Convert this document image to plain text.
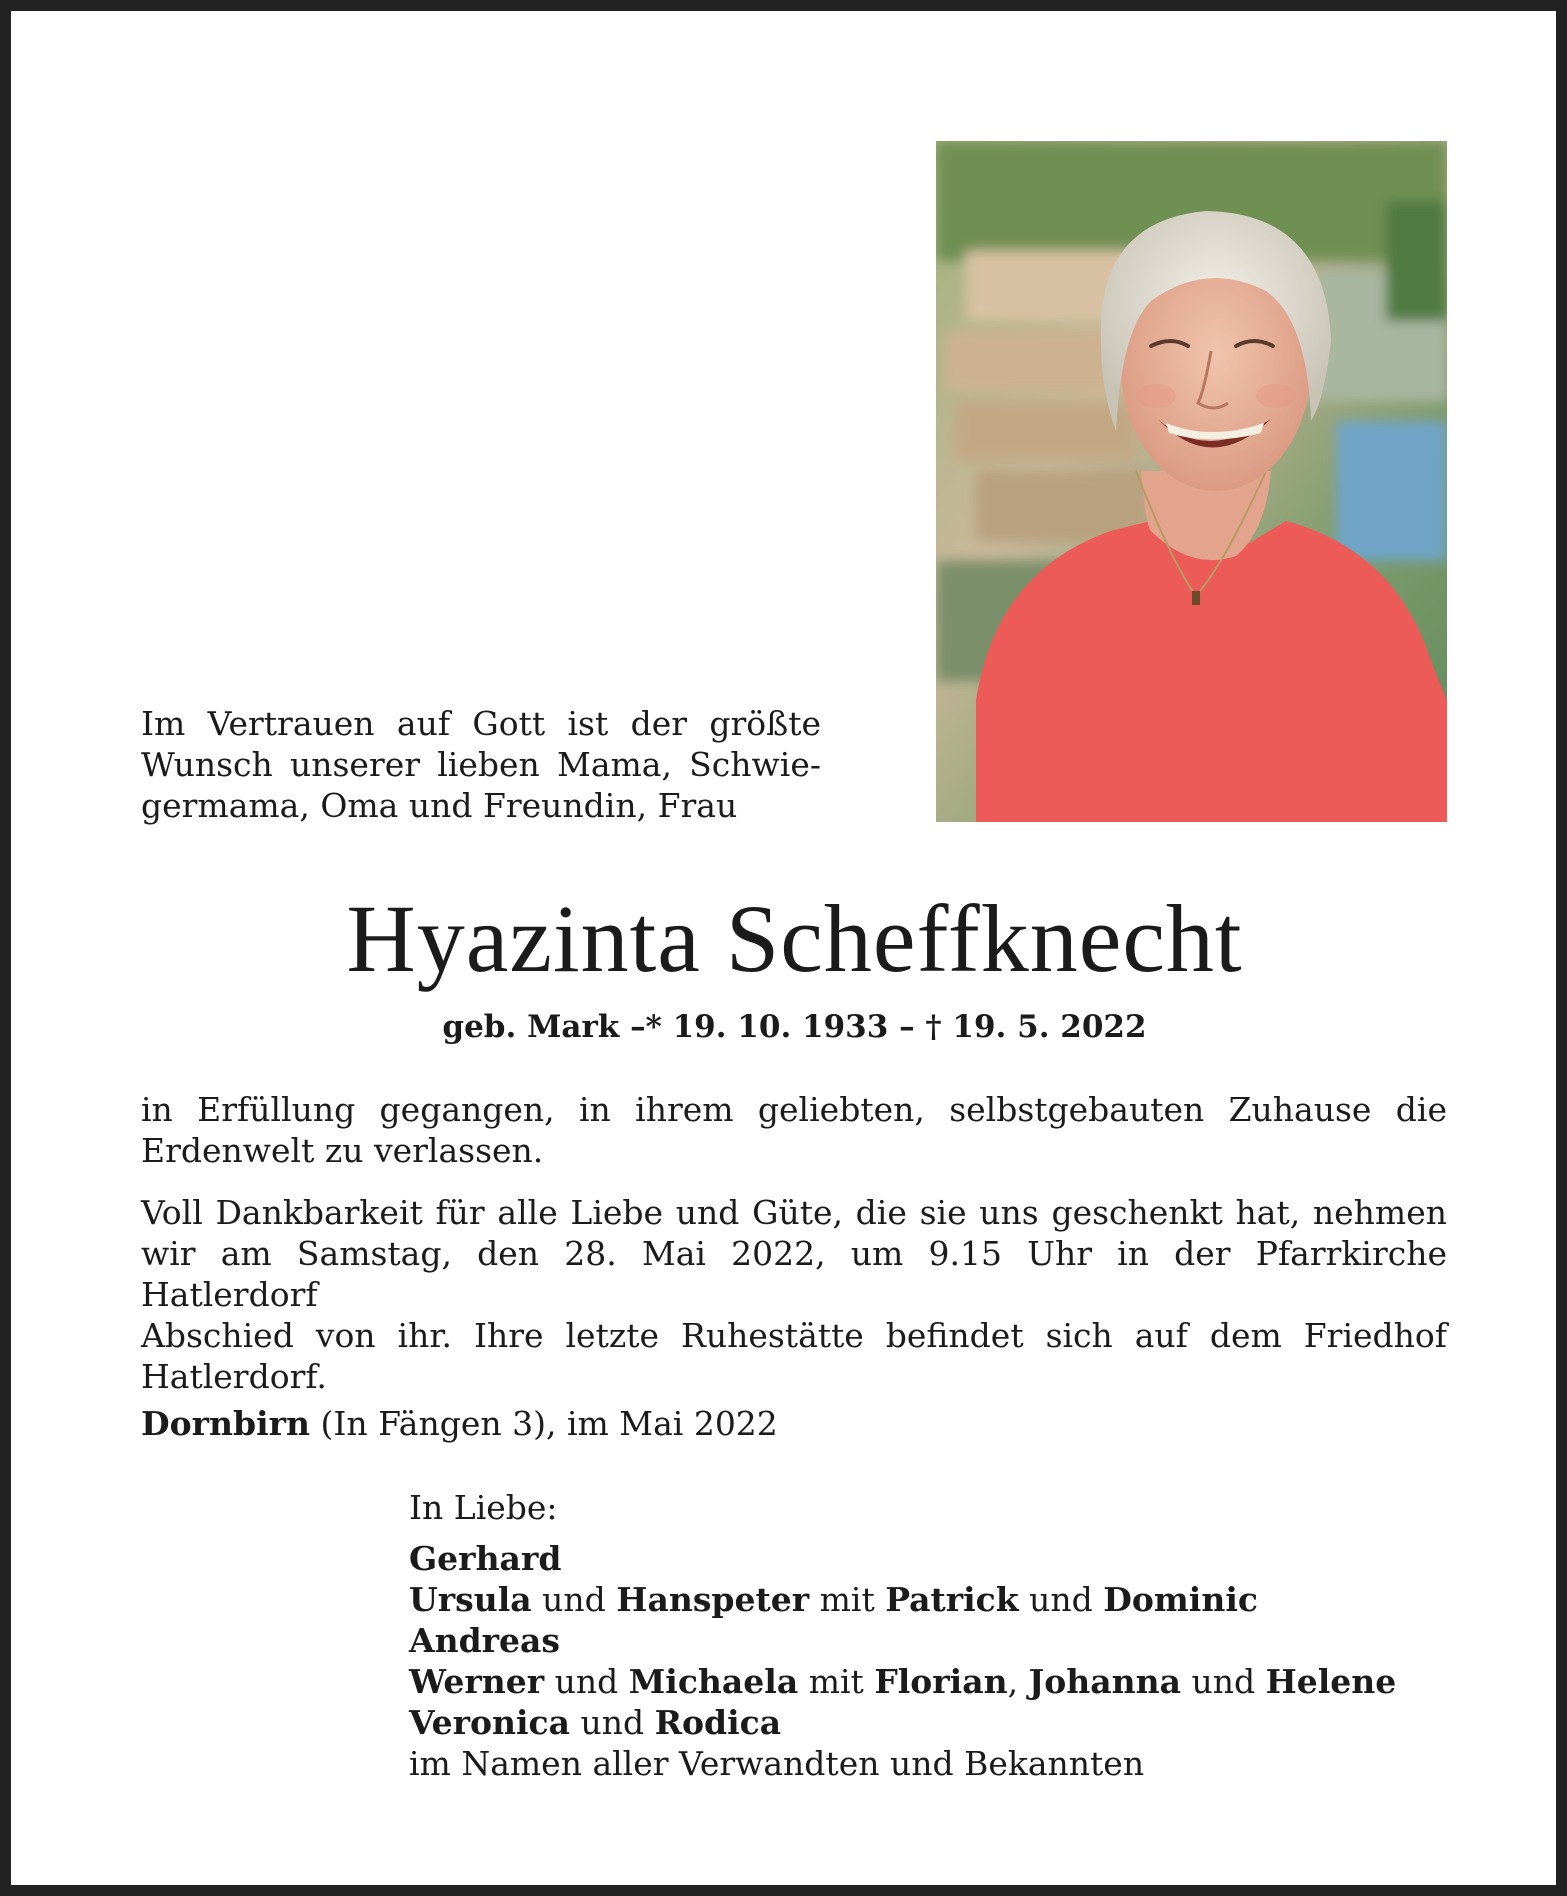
Im Vertrauen auf Gott ist der größte
Wunsch unserer lieben Mama, Schwie-
germama, Oma und Freundin, Frau
Hyazinta Scheffknecht
geb. Mark –* 19. 10. 1933 – † 19. 5. 2022
in Erfüllung gegangen, in ihrem geliebten, selbstgebauten Zuhause die
Erdenwelt zu verlassen.
Voll Dankbarkeit für alle Liebe und Güte, die sie uns geschenkt hat, nehmen
wir am Samstag, den 28. Mai 2022, um 9.15 Uhr in der Pfarrkirche Hatlerdorf
Abschied von ihr. Ihre letzte Ruhestätte befindet sich auf dem Friedhof
Hatlerdorf.
Dornbirn (In Fängen 3), im Mai 2022
In Liebe:
Gerhard
Ursula und Hanspeter mit Patrick und Dominic
Andreas
Werner und Michaela mit Florian, Johanna und Helene
Veronica und Rodica
im Namen aller Verwandten und Bekannten
